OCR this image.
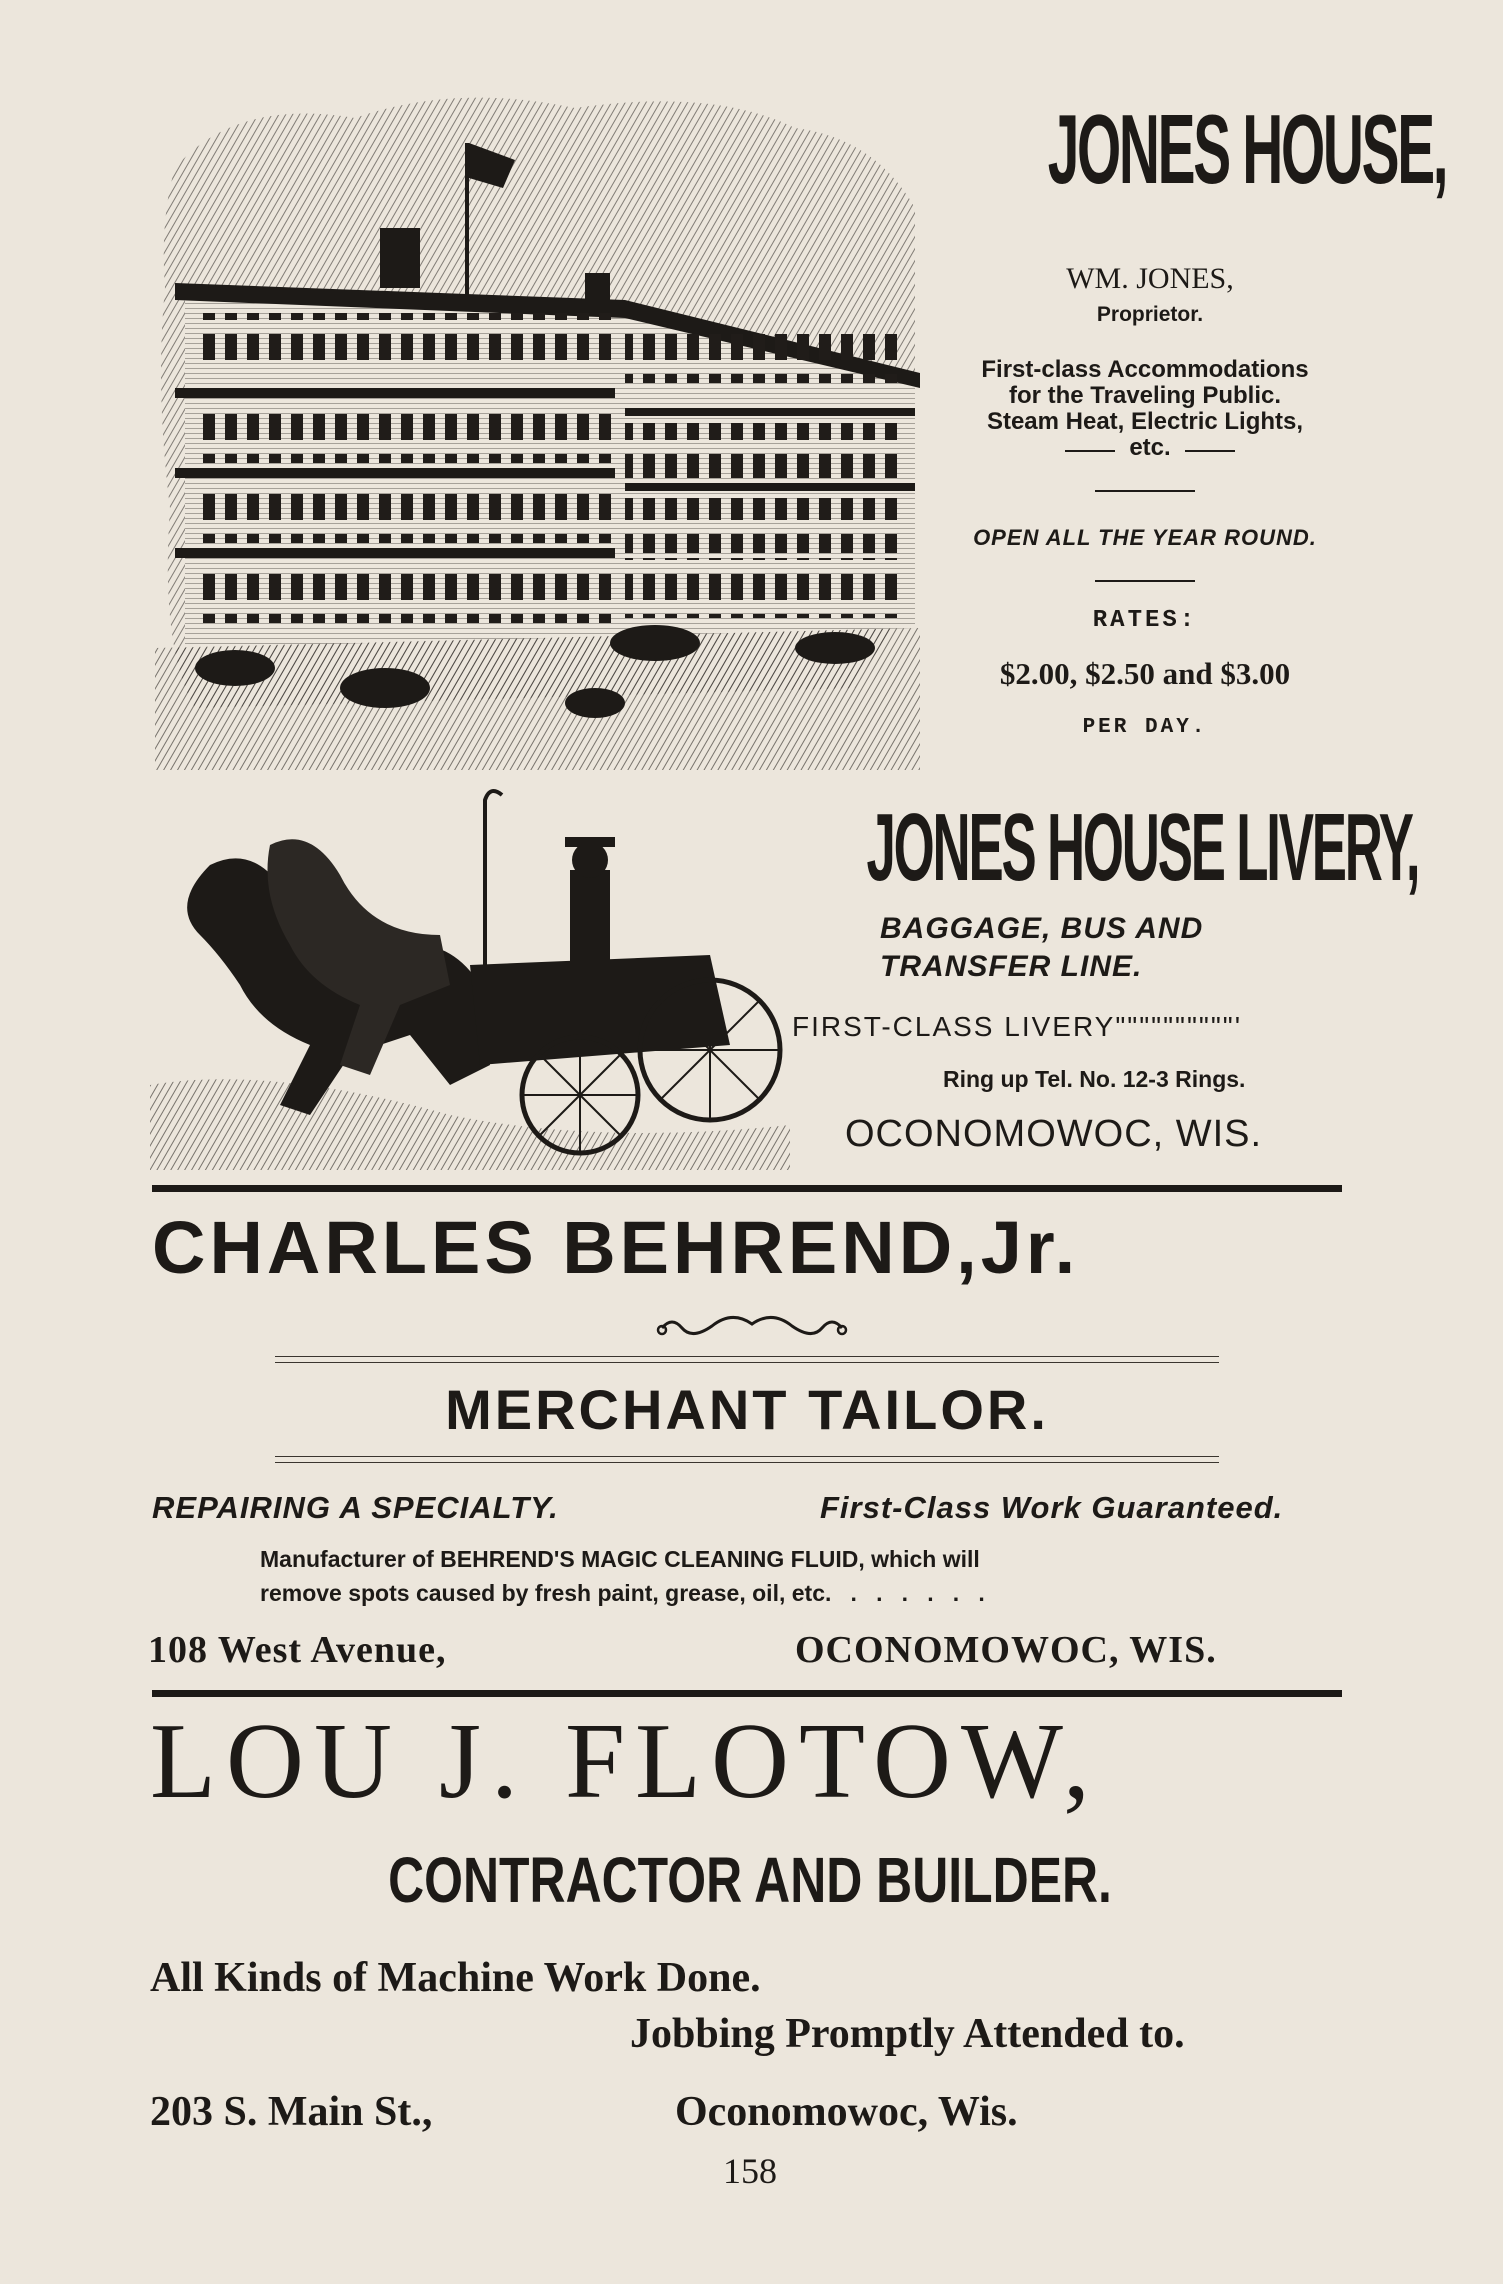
JONES HOUSE,
WM. JONES,
Proprietor.
First-class Accommodations
for the Traveling Public.
Steam Heat, Electric Lights,
etc.
OPEN ALL THE YEAR ROUND.
RATES:
$2.00, $2.50 and $3.00
PER DAY.
JONES HOUSE LIVERY,
BAGGAGE, BUS AND
TRANSFER LINE.
FIRST-CLASS LIVERY""""""""""'
Ring up Tel. No. 12-3 Rings.
OCONOMOWOC, WIS.
CHARLES BEHREND,Jr.
MERCHANT TAILOR.
REPAIRING A SPECIALTY.	First-Class Work Guaranteed.
Manufacturer of BEHREND'S MAGIC CLEANING FLUID, which will
remove spots caused by fresh paint, grease, oil, etc.   .   .   .   .   .   .
108 West Avenue,	OCONOMOWOC, WIS.
LOU J. FLOTOW,
CONTRACTOR AND BUILDER.
All Kinds of Machine Work Done.
Jobbing Promptly Attended to.
203 S. Main St.,	Oconomowoc, Wis.
158
